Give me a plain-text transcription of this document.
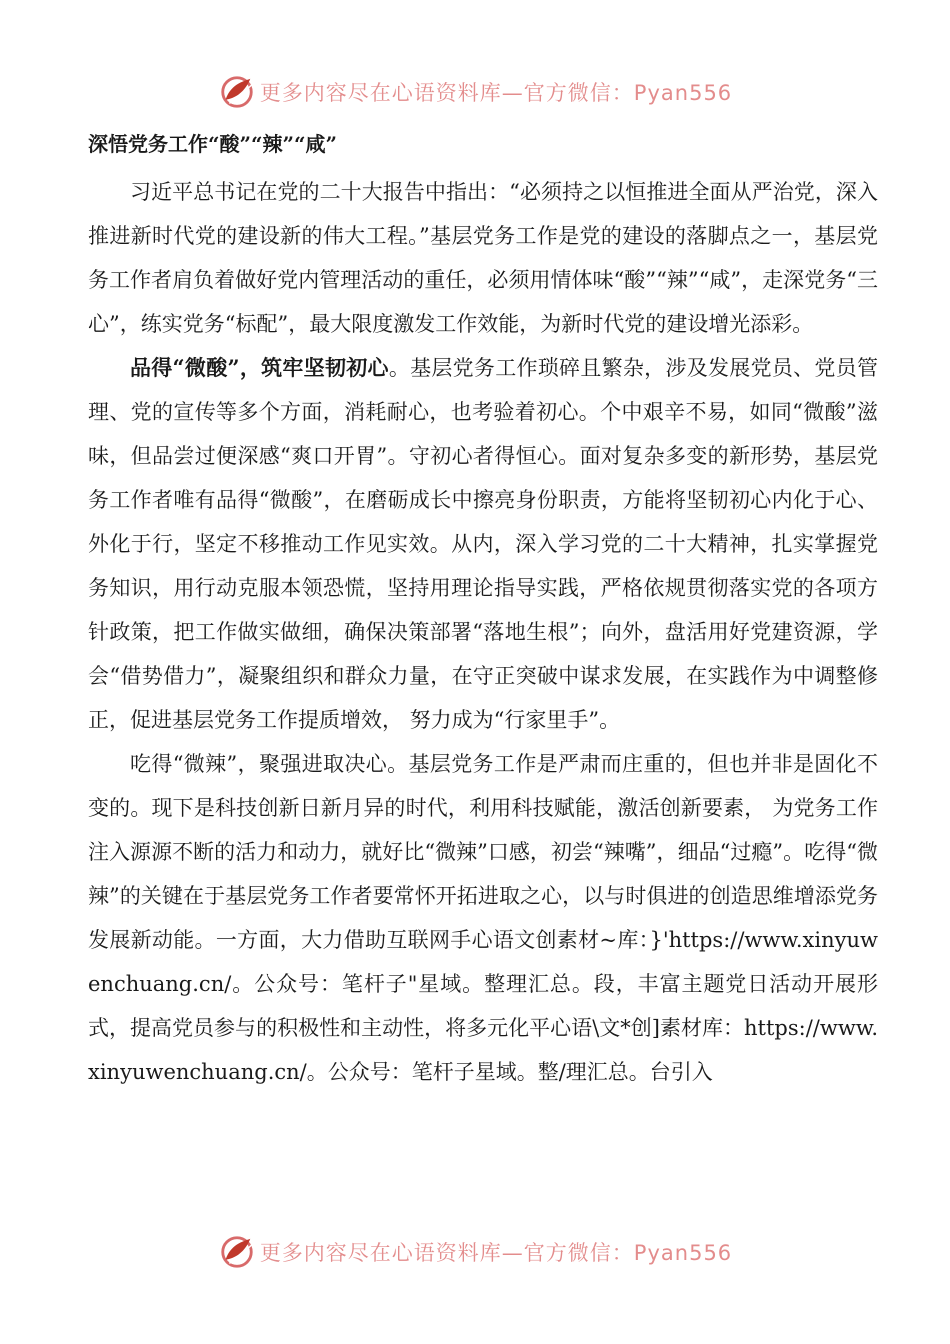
更多内容尽在心语资料库—官方微信：Pyan556
深悟党务工作“酸”“辣”“咸”

习近平总书记在党的二十大报告中指出：“必须持之以恒推进全面从严治党，深入推进新时代党的建设新的伟大工程。”基层党务工作是党的建设的落脚点之一，基层党务工作者肩负着做好党内管理活动的重任，必须用情体味“酸”“辣”“咸”，走深党务“三心”，练实党务“标配”，最大限度激发工作效能，为新时代党的建设增光添彩。

品得“微酸”，筑牢坚韧初心。基层党务工作琐碎且繁杂，涉及发展党员、党员管理、党的宣传等多个方面，消耗耐心，也考验着初心。个中艰辛不易，如同“微酸”滋味，但品尝过便深感“爽口开胃”。守初心者得恒心。面对复杂多变的新形势，基层党务工作者唯有品得“微酸”，在磨砺成长中擦亮身份职责，方能将坚韧初心内化于心、外化于行，坚定不移推动工作见实效。从内，深入学习党的二十大精神，扎实掌握党务知识，用行动克服本领恐慌，坚持用理论指导实践，严格依规贯彻落实党的各项方针政策，把工作做实做细，确保决策部署“落地生根”；向外，盘活用好党建资源，学会“借势借力”，凝聚组织和群众力量，在守正突破中谋求发展，在实践作为中调整修正，促进基层党务工作提质增效， 努力成为“行家里手”。

吃得“微辣”，聚强进取决心。基层党务工作是严肃而庄重的，但也并非是固化不变的。现下是科技创新日新月异的时代，利用科技赋能，激活创新要素， 为党务工作注入源源不断的活力和动力，就好比“微辣”口感，初尝“辣嘴”，细品“过瘾”。吃得“微辣”的关键在于基层党务工作者要常怀开拓进取之心，以与时俱进的创造思维增添党务发展新动能。一方面，大力借助互联网手心语文创素材~库：}'https://www.xinyuwenchuang.cn/。公众号：笔杆子"星域。整理汇总。段，丰富主题党日活动开展形式，提高党员参与的积极性和主动性，将多元化平心语\文*创]素材库：https://www.xinyuwenchuang.cn/。公众号：笔杆子星域。整/理汇总。台引入

更多内容尽在心语资料库—官方微信：Pyan556
